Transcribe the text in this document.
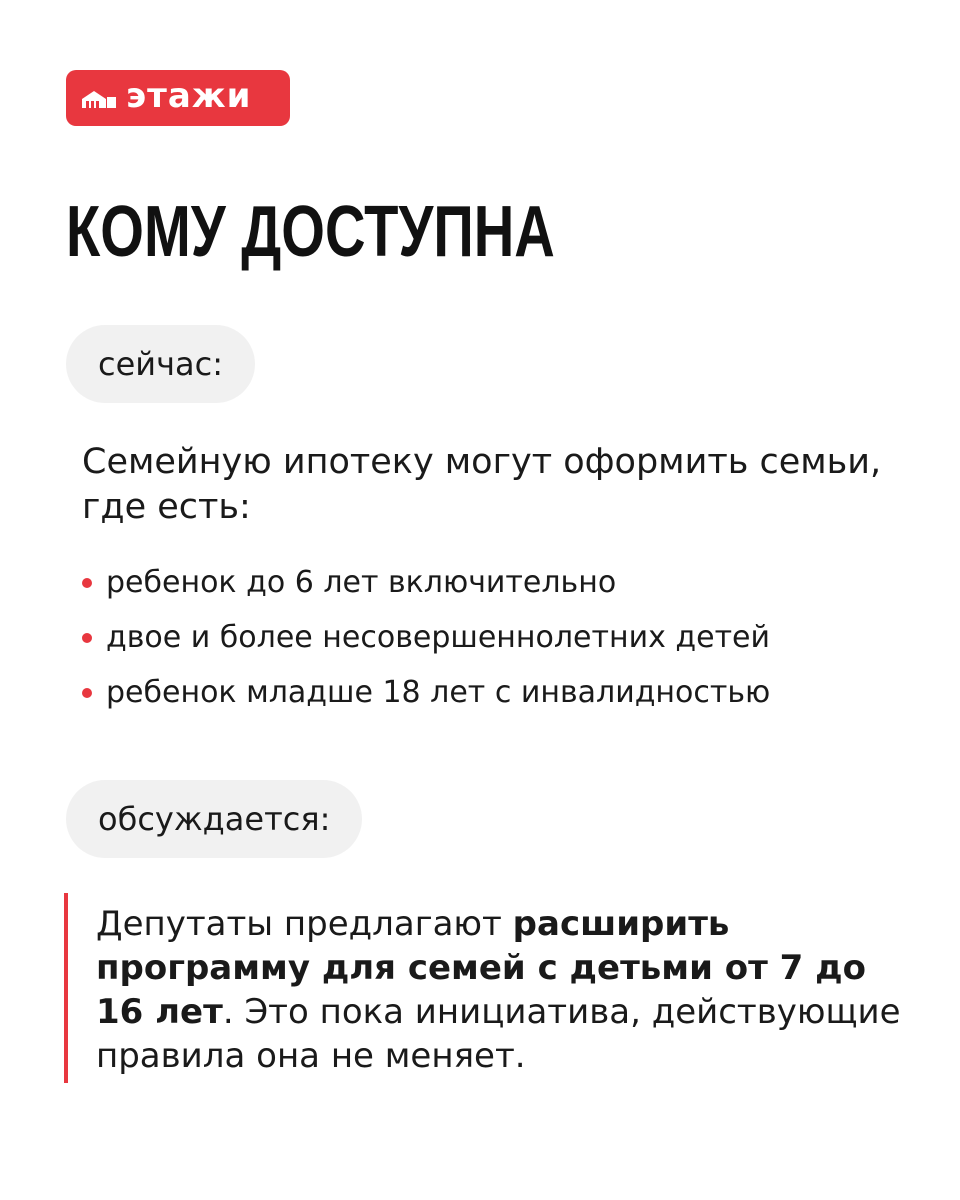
этажи
КОМУ ДОСТУПНА
сейчас:

Семейную ипотеку могут оформить семьи, где есть:

ребенок до 6 лет включительно
двое и более несовершеннолетних детей
ребенок младше 18 лет с инвалидностью
обсуждается:

Депутаты предлагают расширить программу для семей с детьми от 7 до 16 лет. Это пока инициатива, действующие правила она не меняет.
